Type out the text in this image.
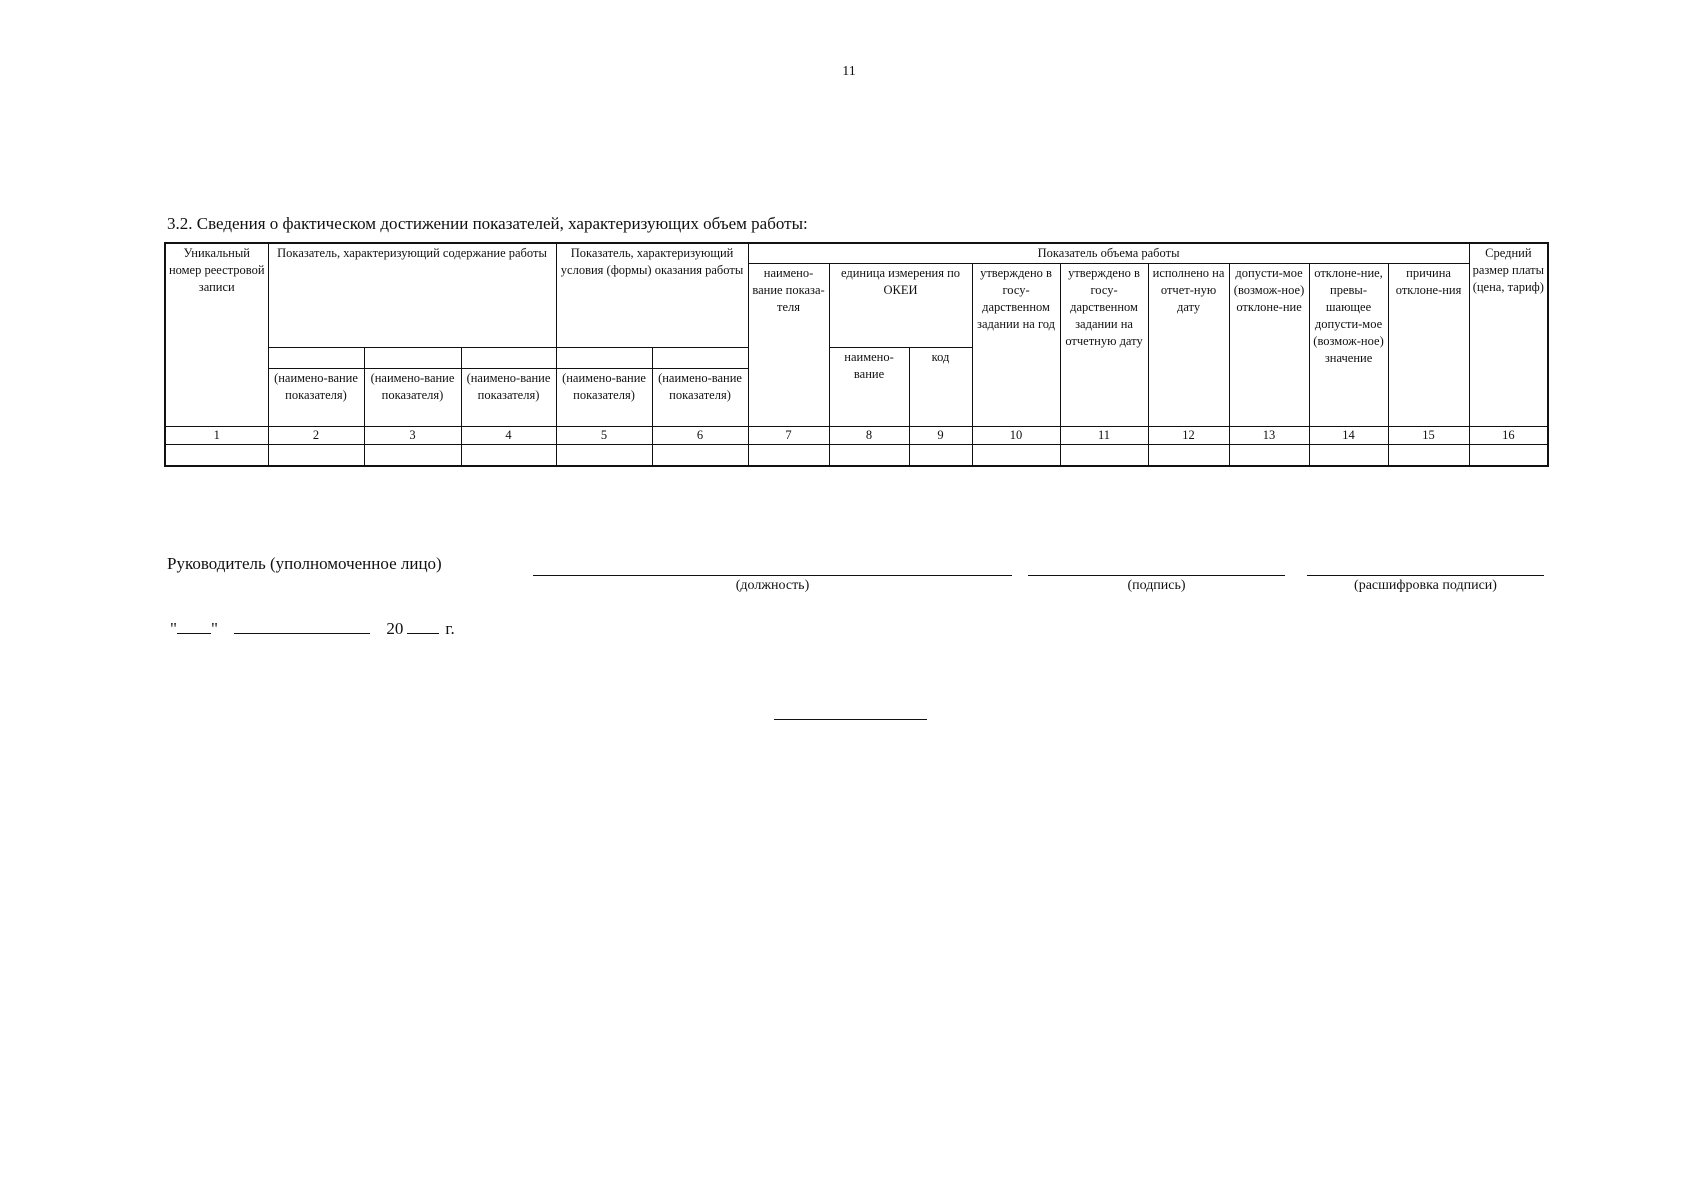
11
3.2. Сведения о фактическом достижении показателей, характеризующих объем работы:
Уникальный номер реестровой записи	Показатель, характеризующий содержание работы			Показатель, характеризующий условия (формы) оказания работы		Показатель объема работы									Средний размер платы (цена, тариф)
						наимено-вание показа-теля	единица измерения по ОКЕИ		утверждено в госу-дарственном задании на год	утверждено в госу-дарственном задании на отчетную дату	исполнено на отчет-ную дату	допусти-мое (возмож-ное) отклоне-ние	отклоне-ние, превы-шающее допусти-мое (возмож-ное) значение	причина отклоне-ния	
							наимено-вание	код							
	(наимено-вание показателя)	(наимено-вание показателя)	(наимено-вание показателя)	(наимено-вание показателя)	(наимено-вание показателя)										
1	2	3	4	5	6	7	8	9	10	11	12	13	14	15	16

Руководитель (уполномоченное лицо)
(должность)	(подпись)	(расшифровка подписи)
" "	20 г.
